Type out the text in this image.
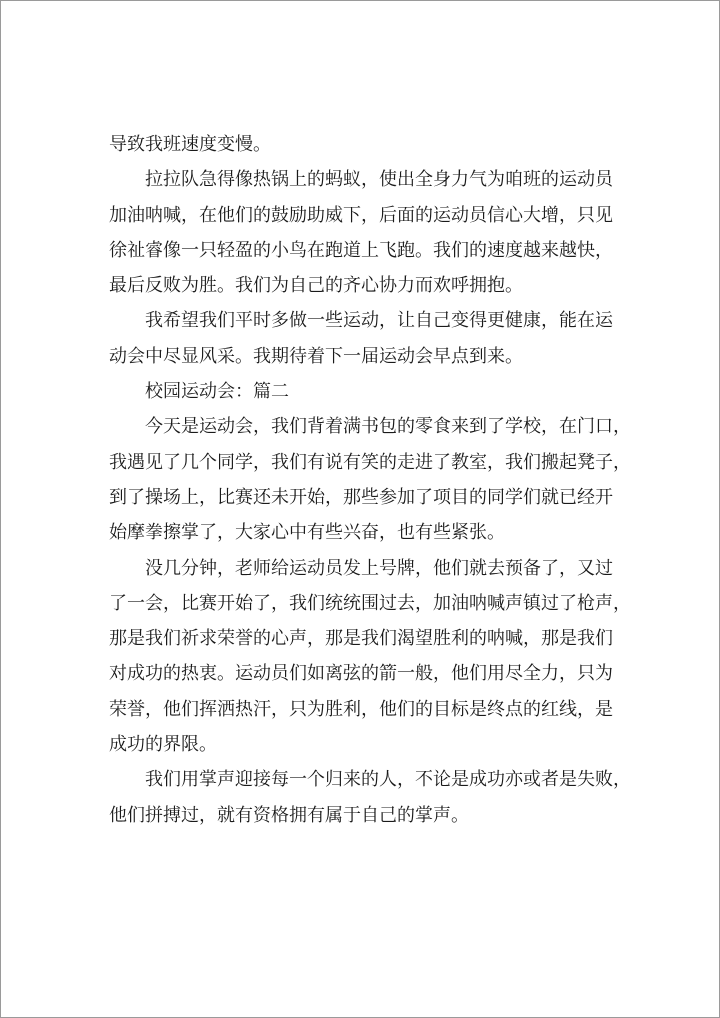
导致我班速度变慢。

拉拉队急得像热锅上的蚂蚁，使出全身力气为咱班的运动员

加油呐喊，在他们的鼓励助威下，后面的运动员信心大增，只见

徐祉睿像一只轻盈的小鸟在跑道上飞跑。我们的速度越来越快，

最后反败为胜。我们为自己的齐心协力而欢呼拥抱。

我希望我们平时多做一些运动，让自己变得更健康，能在运

动会中尽显风采。我期待着下一届运动会早点到来。

校园运动会：篇二

今天是运动会，我们背着满书包的零食来到了学校，在门口，

我遇见了几个同学，我们有说有笑的走进了教室，我们搬起凳子，

到了操场上，比赛还未开始，那些参加了项目的同学们就已经开

始摩拳擦掌了，大家心中有些兴奋，也有些紧张。

没几分钟，老师给运动员发上号牌，他们就去预备了，又过

了一会，比赛开始了，我们统统围过去，加油呐喊声镇过了枪声，

那是我们祈求荣誉的心声，那是我们渴望胜利的呐喊，那是我们

对成功的热衷。运动员们如离弦的箭一般，他们用尽全力，只为

荣誉，他们挥洒热汗，只为胜利，他们的目标是终点的红线，是

成功的界限。

我们用掌声迎接每一个归来的人，不论是成功亦或者是失败，

他们拼搏过，就有资格拥有属于自己的掌声。
